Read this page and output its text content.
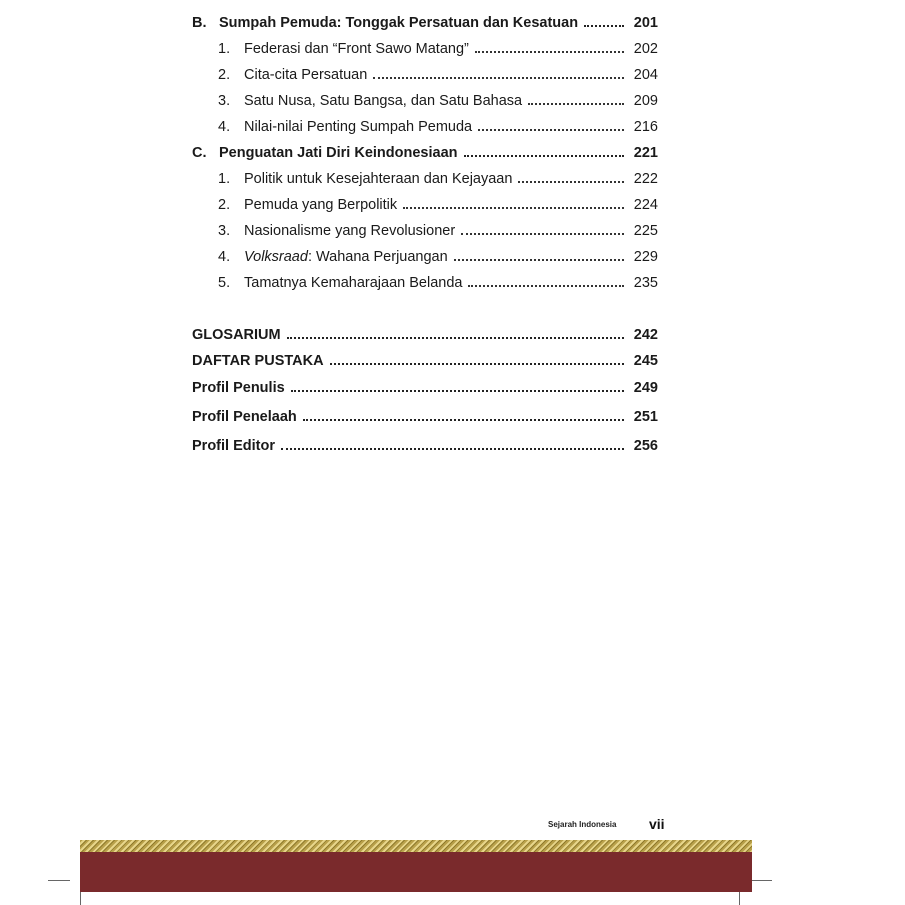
B. Sumpah Pemuda: Tonggak Persatuan dan Kesatuan	201
1. Federasi dan “Front Sawo Matang”	202
2. Cita-cita Persatuan	204
3. Satu Nusa, Satu Bangsa, dan Satu Bahasa	209
4. Nilai-nilai Penting Sumpah Pemuda	216
C. Penguatan Jati Diri Keindonesiaan	221
1. Politik untuk Kesejahteraan dan Kejayaan	222
2. Pemuda yang Berpolitik	224
3. Nasionalisme yang Revolusioner	225
4. Volksraad: Wahana Perjuangan	229
5. Tamatnya Kemaharajaan Belanda	235
GLOSARIUM	242
DAFTAR PUSTAKA	245
Profil Penulis	249
Profil Penelaah	251
Profil Editor	256
Sejarah Indonesia vii
